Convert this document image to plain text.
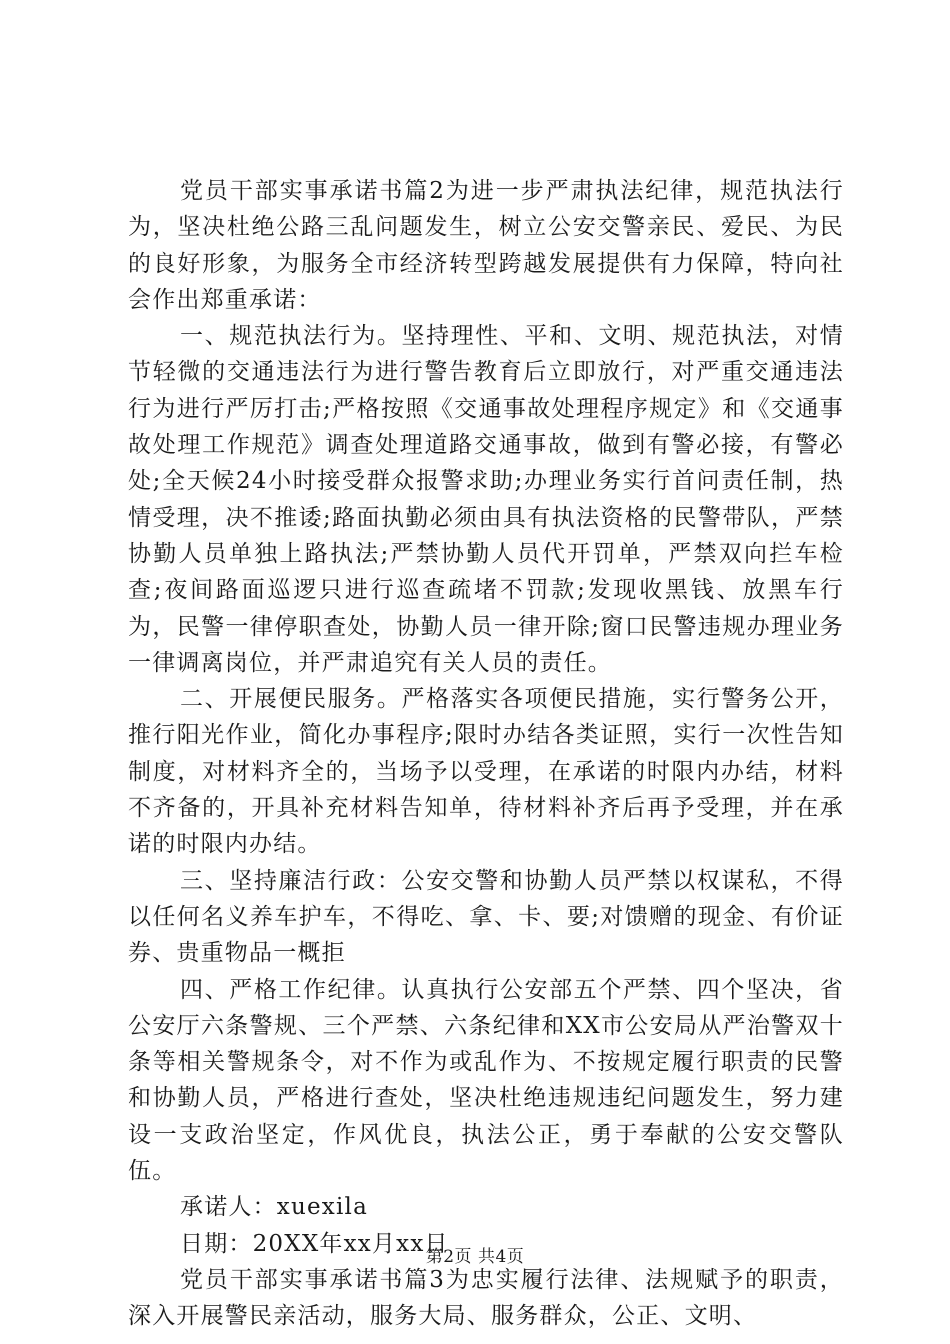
党员干部实事承诺书篇2为进一步严肃执法纪律，规范执法行为，坚决杜绝公路三乱问题发生，树立公安交警亲民、爱民、为民的良好形象，为服务全市经济转型跨越发展提供有力保障，特向社会作出郑重承诺：

一、规范执法行为。坚持理性、平和、文明、规范执法，对情节轻微的交通违法行为进行警告教育后立即放行，对严重交通违法行为进行严厉打击;严格按照《交通事故处理程序规定》和《交通事故处理工作规范》调查处理道路交通事故，做到有警必接，有警必处;全天候24小时接受群众报警求助;办理业务实行首问责任制，热情受理，决不推诿;路面执勤必须由具有执法资格的民警带队，严禁协勤人员单独上路执法;严禁协勤人员代开罚单，严禁双向拦车检查;夜间路面巡逻只进行巡查疏堵不罚款;发现收黑钱、放黑车行为，民警一律停职查处，协勤人员一律开除;窗口民警违规办理业务一律调离岗位，并严肃追究有关人员的责任。

二、开展便民服务。严格落实各项便民措施，实行警务公开，推行阳光作业，简化办事程序;限时办结各类证照，实行一次性告知制度，对材料齐全的，当场予以受理，在承诺的时限内办结，材料不齐备的，开具补充材料告知单，待材料补齐后再予受理，并在承诺的时限内办结。

三、坚持廉洁行政：公安交警和协勤人员严禁以权谋私，不得以任何名义养车护车，不得吃、拿、卡、要;对馈赠的现金、有价证券、贵重物品一概拒

四、严格工作纪律。认真执行公安部五个严禁、四个坚决，省公安厅六条警规、三个严禁、六条纪律和XX市公安局从严治警双十条等相关警规条令，对不作为或乱作为、不按规定履行职责的民警和协勤人员，严格进行查处，坚决杜绝违规违纪问题发生，努力建设一支政治坚定，作风优良，执法公正，勇于奉献的公安交警队伍。

承诺人：xuexila

日期：20XX年xx月xx日

党员干部实事承诺书篇3为忠实履行法律、法规赋予的职责，深入开展警民亲活动，服务大局、服务群众，公正、文明、

第2页 共4页
